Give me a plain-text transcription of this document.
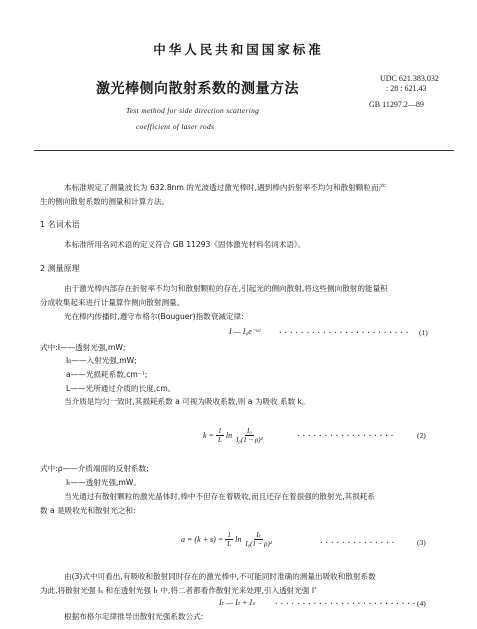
中华人民共和国国家标准
激光棒侧向散射系数的测量方法
UDC 621.383.032
: 28 : 621.43
GB 11297.2—89
Test method for side direction scattering
coefficient of laser rods
本标准规定了测量波长为 632.8nm 的光波透过激光棒时,遇到棒内折射率不均匀和散射颗粒而产
生的侧向散射系数的测量和计算方法。
1 名词术语
本标准所用名词术语的定义符合 GB 11293《固体激光材料名词术语》。
2 测量原理
由于激光棒内部存在折射率不均匀和散射颗粒的存在,引起光的侧向散射,将这些侧向散射的能量积
分成收集起来进行计量算作侧向散射测量。
光在棒内传播时,遵守布格尔(Bouguer)指数衰减定律:
I — I₀e⁻ᵃˡ ························ (1)
式中:I——透射光强,mW;
I₀——入射光强,mW;
a——光损耗系数,cm⁻¹;
L——光所通过介质的长度,cm。
当介质是均匀一致时,其损耗系数 a 可视为吸收系数,则 a 为吸收 系数 k。
$k = \frac{1}{L}$ $\ln \frac{\text{I₀}}{\text{I₀(1 − ρ)²}}$	··················	(2)
式中:ρ——介质端面的反射系数;
Iₜ——透射光强,mW。
当光通过有散射颗粒的激光晶体时,棒中不但存在着吸收,而且还存在着很强的散射光,其损耗系
数 a 是吸收光和散射光之和:
$a = (k + s) = \frac{1}{L}$ $\ln \frac{\text{Iₜ}}{\text{I₀(1 − ρ)²}}$	··············	(3)
由(3)式中可看出,有吸收和散射同时存在的激光棒中,不可能同时准确的测量出吸收和散射系数
为此,将散射光强 Iₛ 和在透射光强 Iₜ 中,将二者都看作散射光来处理,引入透射光强 I'
Iₜ — Iₜ + Iₛ	·························· (4)
根据布格尔定律推导出散射光强系数公式:
